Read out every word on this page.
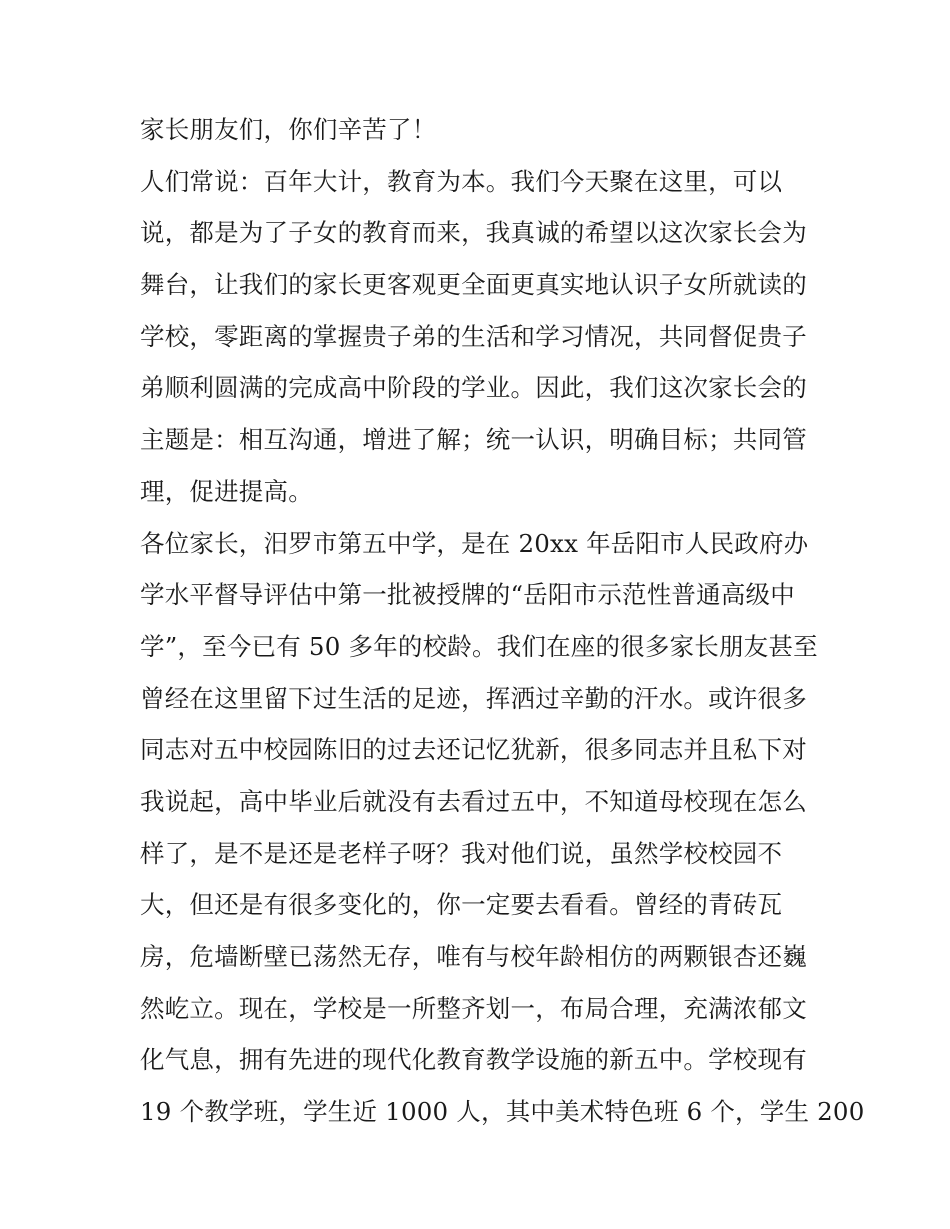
家长朋友们，你们辛苦了！
人们常说：百年大计，教育为本。我们今天聚在这里，可以
说，都是为了子女的教育而来，我真诚的希望以这次家长会为
舞台，让我们的家长更客观更全面更真实地认识子女所就读的
学校，零距离的掌握贵子弟的生活和学习情况，共同督促贵子
弟顺利圆满的完成高中阶段的学业。因此，我们这次家长会的
主题是：相互沟通，增进了解；统一认识，明确目标；共同管
理，促进提高。
各位家长，汨罗市第五中学，是在 20xx 年岳阳市人民政府办
学水平督导评估中第一批被授牌的“岳阳市示范性普通高级中
学”，至今已有 50 多年的校龄。我们在座的很多家长朋友甚至
曾经在这里留下过生活的足迹，挥洒过辛勤的汗水。或许很多
同志对五中校园陈旧的过去还记忆犹新，很多同志并且私下对
我说起，高中毕业后就没有去看过五中，不知道母校现在怎么
样了，是不是还是老样子呀？我对他们说，虽然学校校园不
大，但还是有很多变化的，你一定要去看看。曾经的青砖瓦
房，危墙断壁已荡然无存，唯有与校年龄相仿的两颗银杏还巍
然屹立。现在，学校是一所整齐划一，布局合理，充满浓郁文
化气息，拥有先进的现代化教育教学设施的新五中。学校现有
19 个教学班，学生近 1000 人，其中美术特色班 6 个，学生 200
